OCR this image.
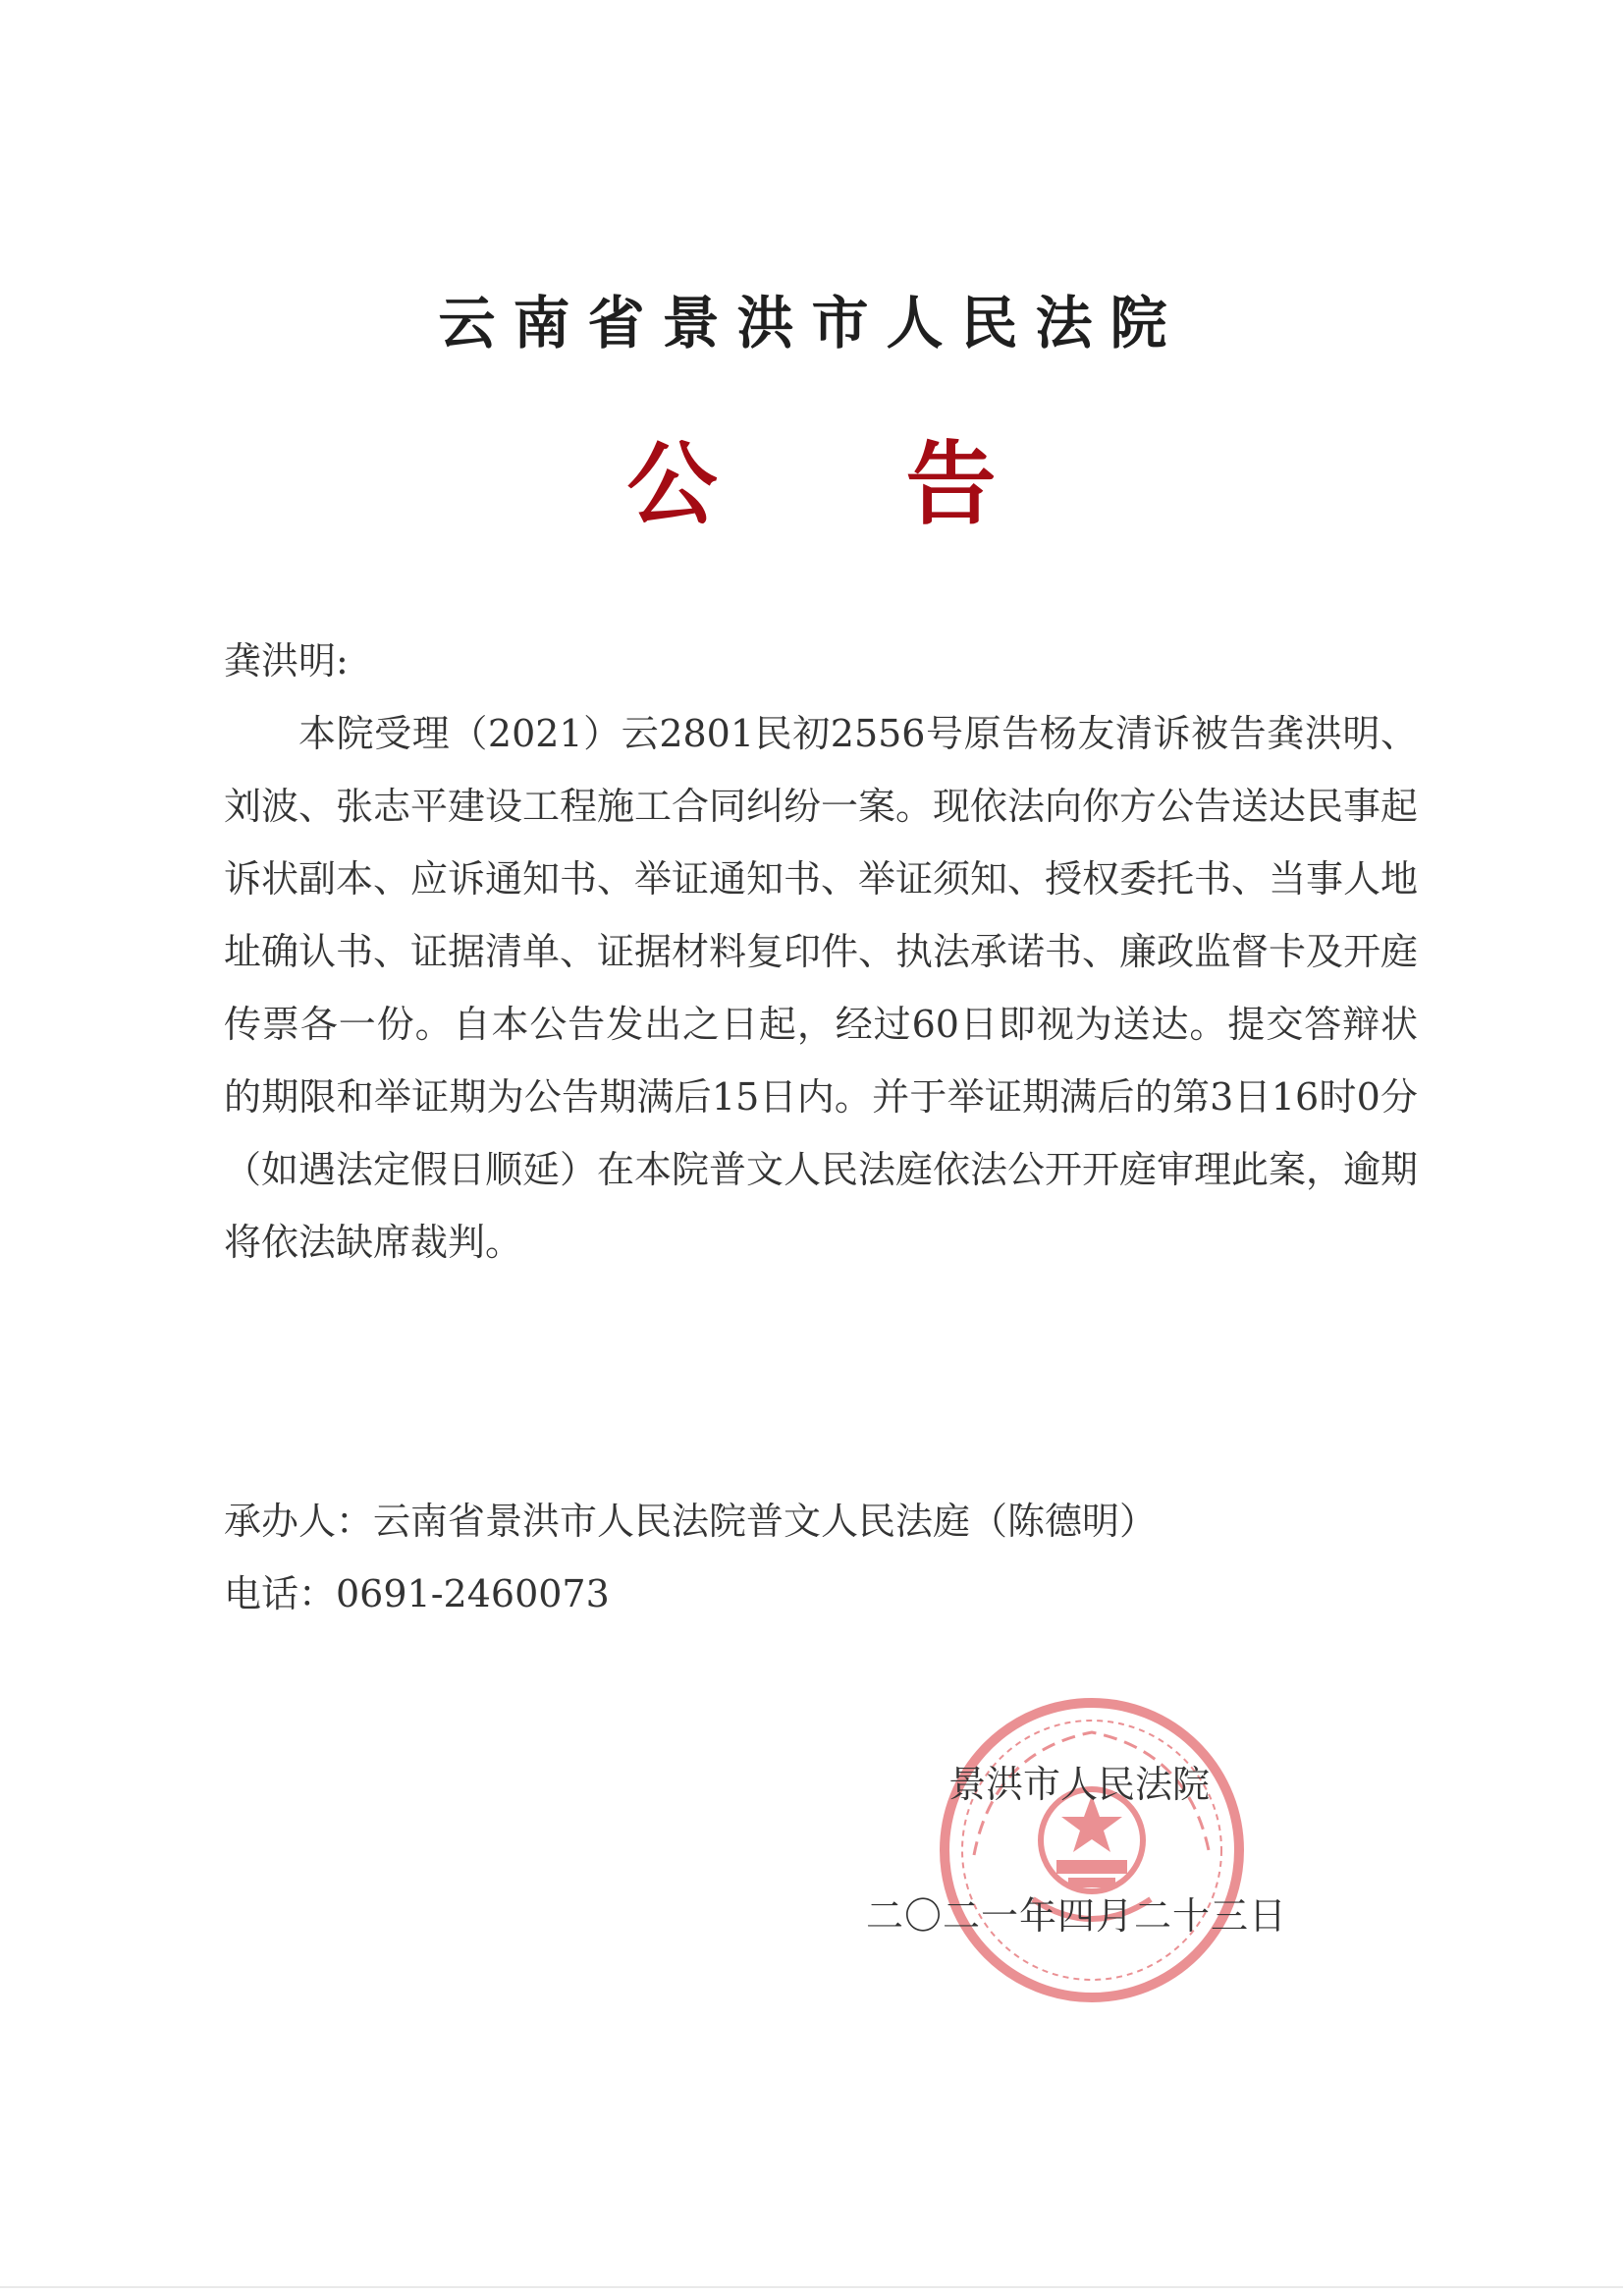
云南省景洪市人民法院
公 告
龚洪明:
本院受理（2021）云2801民初2556号原告杨友清诉被告龚洪明、刘波、张志平建设工程施工合同纠纷一案。现依法向你方公告送达民事起诉状副本、应诉通知书、举证通知书、举证须知、授权委托书、当事人地址确认书、证据清单、证据材料复印件、执法承诺书、廉政监督卡及开庭传票各一份。自本公告发出之日起，经过60日即视为送达。提交答辩状的期限和举证期为公告期满后15日内。并于举证期满后的第3日16时0分（如遇法定假日顺延）在本院普文人民法庭依法公开开庭审理此案，逾期将依法缺席裁判。
承办人：云南省景洪市人民法院普文人民法庭（陈德明）
电话：0691-2460073
景洪市人民法院
二〇二一年四月二十三日
